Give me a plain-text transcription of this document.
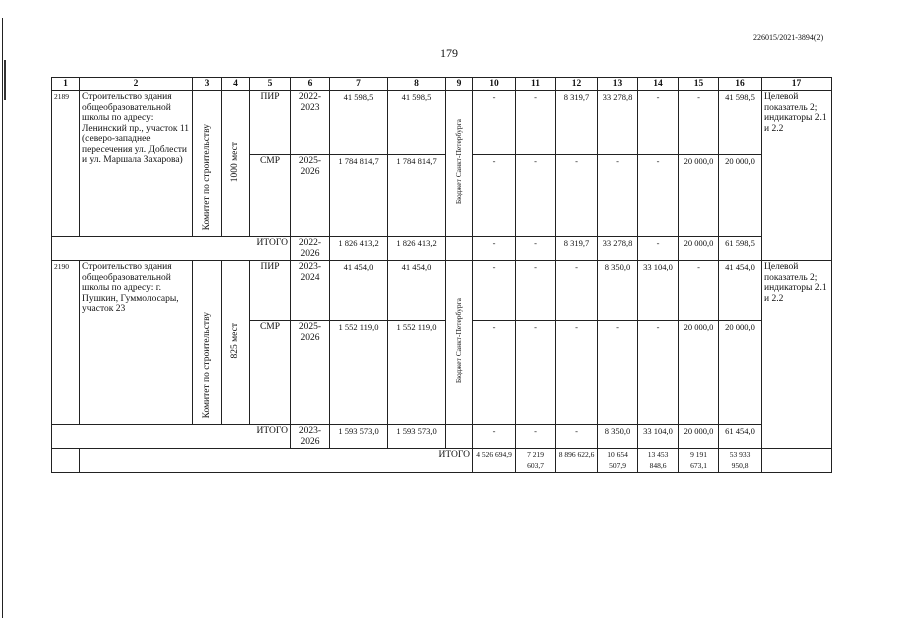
226015/2021-3894(2)
179
1	2	3	4	5	6	7	8	9	10	11	12	13	14	15	16	17
2189	Строительство здания общеобразовательной школы по адресу: Ленинский пр., участок 11 (северо-западнее пересечения ул. Доблести и ул. Маршала Захарова)	Комитет по строительству	1000 мест	ПИР	2022-2023	41 598,5	41 598,5	Бюджет Санкт-Петербурга	-	-	8 319,7	33 278,8	-	-	41 598,5	Целевой показатель 2; индикаторы 2.1 и 2.2
				СМР	2025-2026	1 784 814,7	1 784 814,7		-	-	-	-	-	20 000,0	20 000,0	
ИТОГО					2022-2026	1 826 413,2	1 826 413,2		-	-	8 319,7	33 278,8	-	20 000,0	61 598,5	
2190	Строительство здания общеобразовательной школы по адресу: г. Пушкин, Гуммолосары, участок 23	Комитет по строительству	825 мест	ПИР	2023-2024	41 454,0	41 454,0	Бюджет Санкт-Петербурга	-	-	-	8 350,0	33 104,0	-	41 454,0	Целевой показатель 2; индикаторы 2.1 и 2.2
				СМР	2025-2026	1 552 119,0	1 552 119,0		-	-	-	-	-	20 000,0	20 000,0	
ИТОГО					2023-2026	1 593 573,0	1 593 573,0		-	-	-	8 350,0	33 104,0	20 000,0	61 454,0	
	ИТОГО								4 526 694,9	7 219 603,7	8 896 622,6	10 654 507,9	13 453 848,6	9 191 673,1	53 933 950,8	
